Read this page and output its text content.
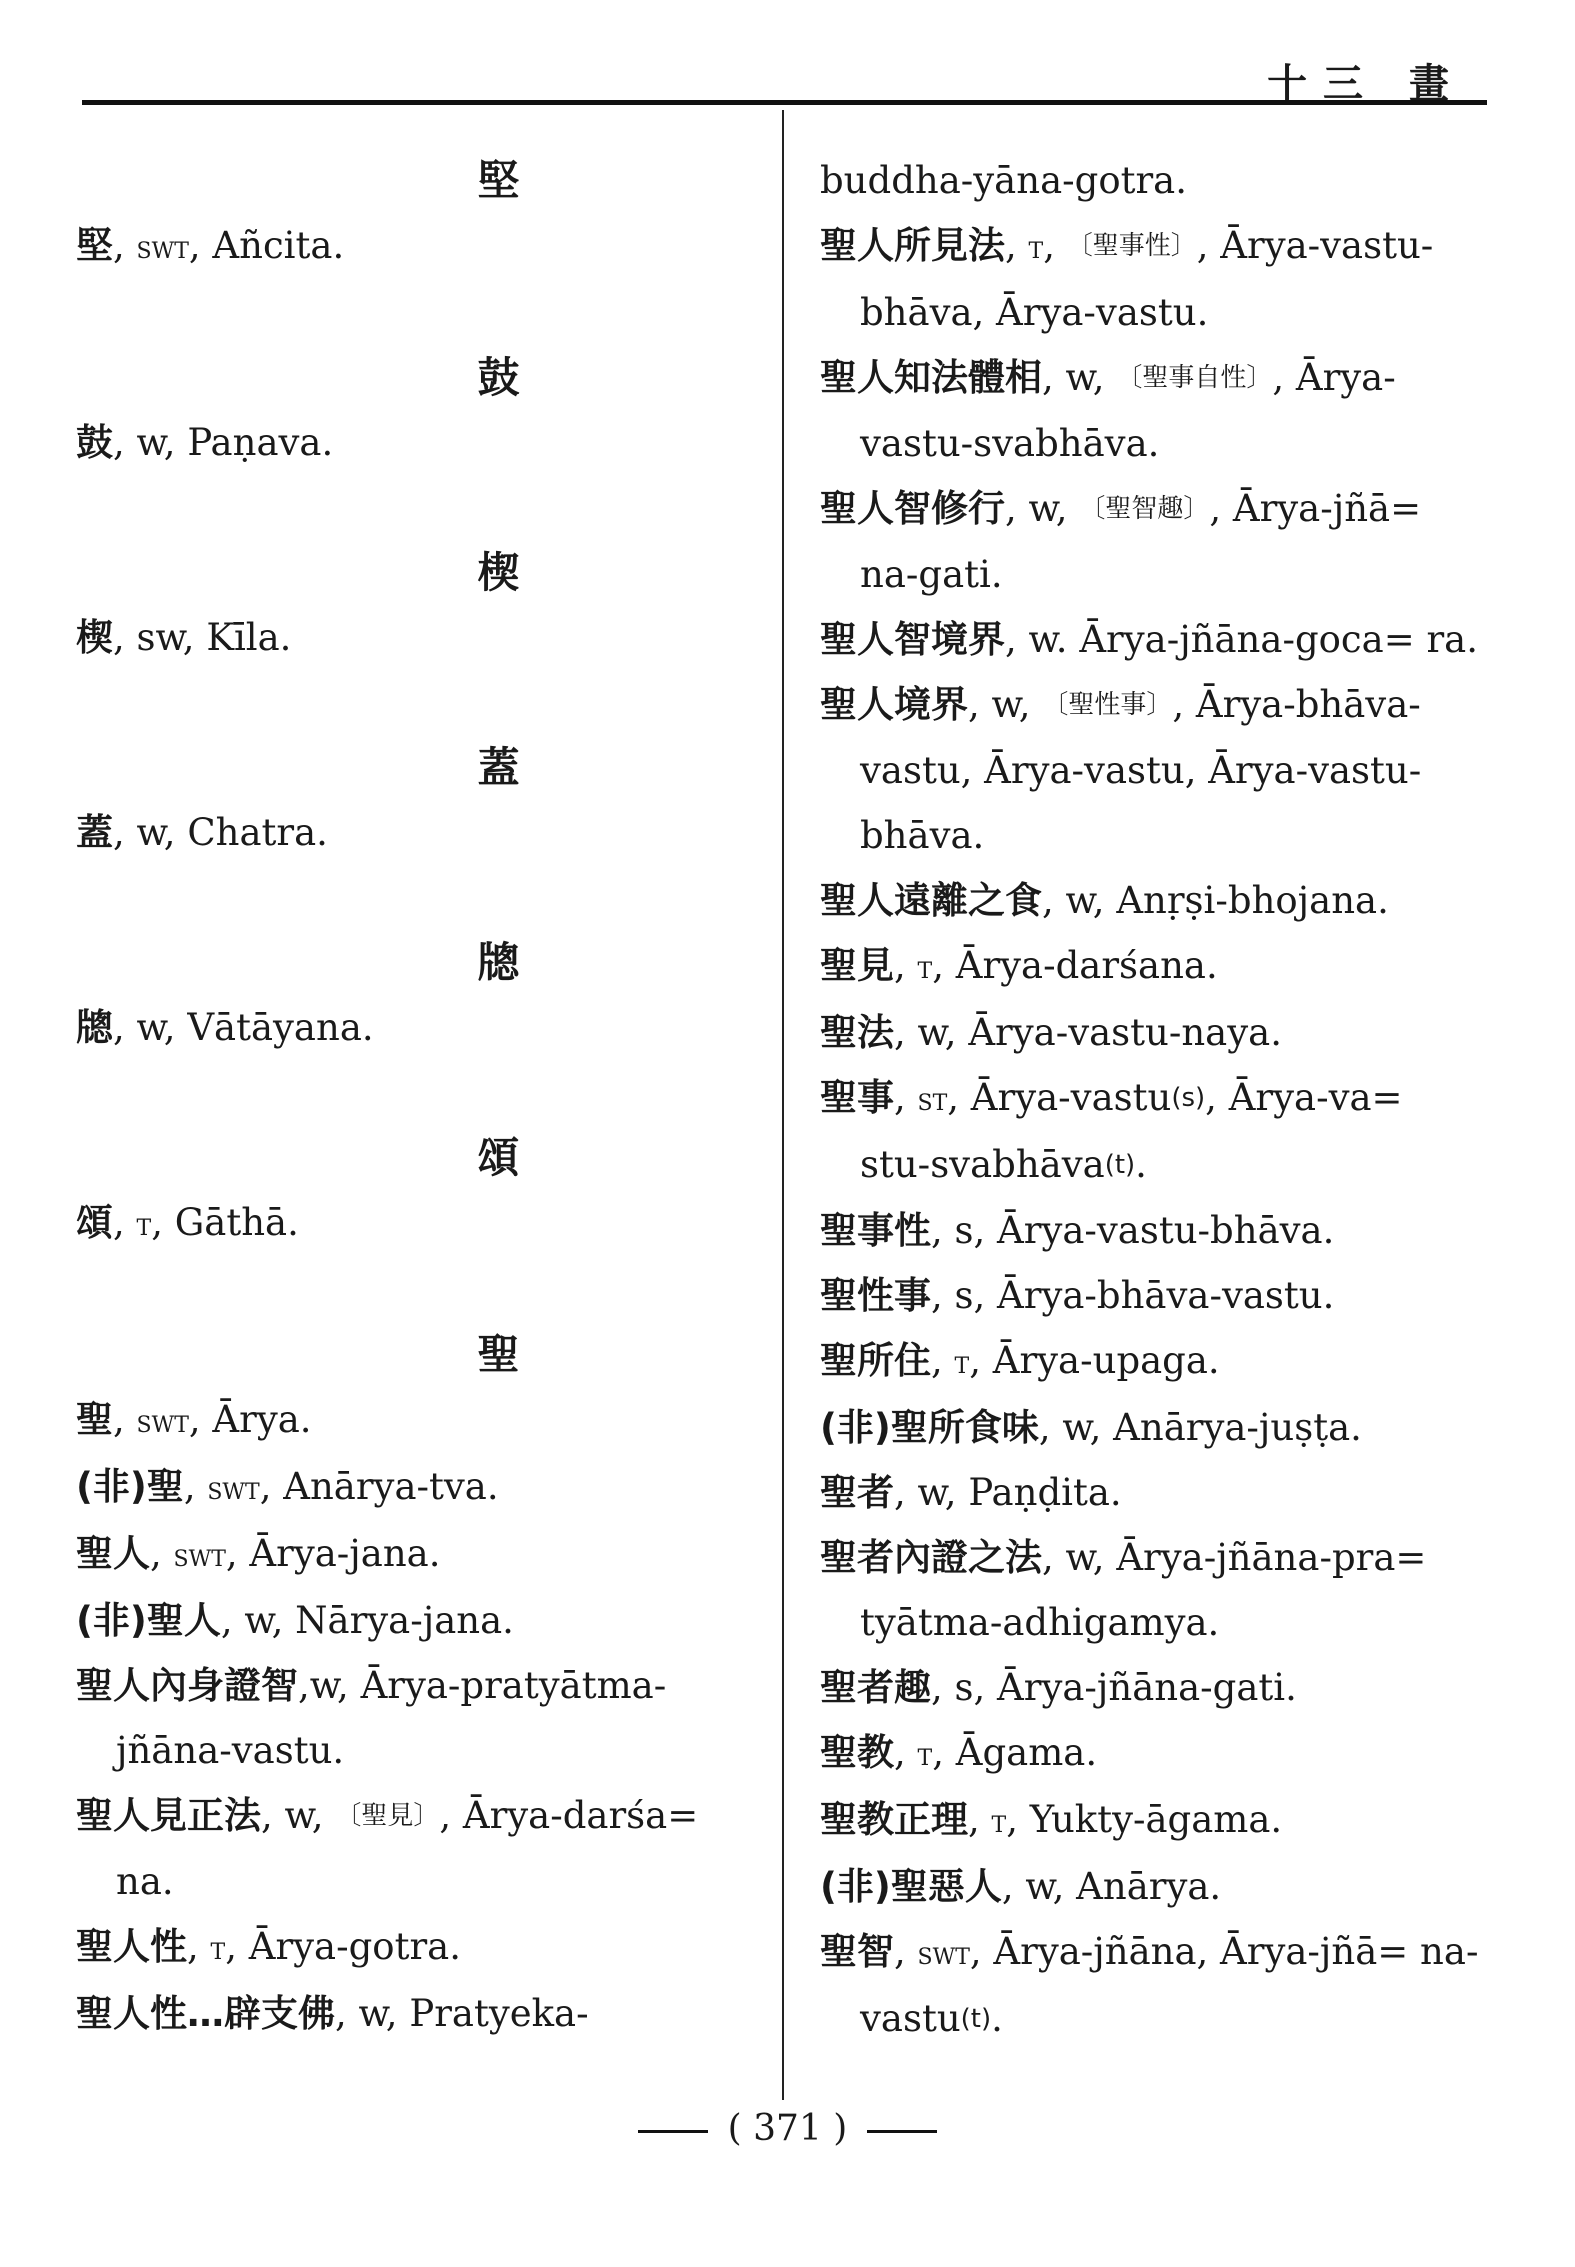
十三 畫
堅
堅, swt, Añcita.
鼓
鼓, w, Paṇava.
楔
楔, sw, Kīla.
蓋
蓋, w, Chatra.
牕
牕, w, Vātāyana.
頌
頌, t, Gāthā.
聖
聖, swt, Ārya.
(非)聖, swt, Anārya-tva.
聖人, swt, Ārya-jana.
(非)聖人, w, Nārya-jana.
聖人內身證智,w, Ārya-pratyātma-jñāna-vastu.
聖人見正法, w, 〔聖見〕, Ārya-darśa= na.
聖人性, t, Ārya-gotra.
聖人性…辟支佛, w, Pratyeka-
buddha-yāna-gotra.
聖人所見法, t, 〔聖事性〕, Ārya-vastu-bhāva, Ārya-vastu.
聖人知法體相, w, 〔聖事自性〕, Ārya-vastu-svabhāva.
聖人智修行, w, 〔聖智趣〕, Ārya-jñā= na-gati.
聖人智境界, w. Ārya-jñāna-goca= ra.
聖人境界, w, 〔聖性事〕, Ārya-bhāva-vastu, Ārya-vastu, Ārya-vastu-bhāva.
聖人遠離之食, w, Anṛṣi-bhojana.
聖見, t, Ārya-darśana.
聖法, w, Ārya-vastu-naya.
聖事, st, Ārya-vastu(s), Ārya-va= stu-svabhāva(t).
聖事性, s, Ārya-vastu-bhāva.
聖性事, s, Ārya-bhāva-vastu.
聖所住, t, Ārya-upaga.
(非)聖所食味, w, Anārya-juṣṭa.
聖者, w, Paṇḍita.
聖者內證之法, w, Ārya-jñāna-pra= tyātma-adhigamya.
聖者趣, s, Ārya-jñāna-gati.
聖教, t, Āgama.
聖教正理, t, Yukty-āgama.
(非)聖惡人, w, Anārya.
聖智, swt, Ārya-jñāna, Ārya-jñā= na-vastu(t).
( 371 )
